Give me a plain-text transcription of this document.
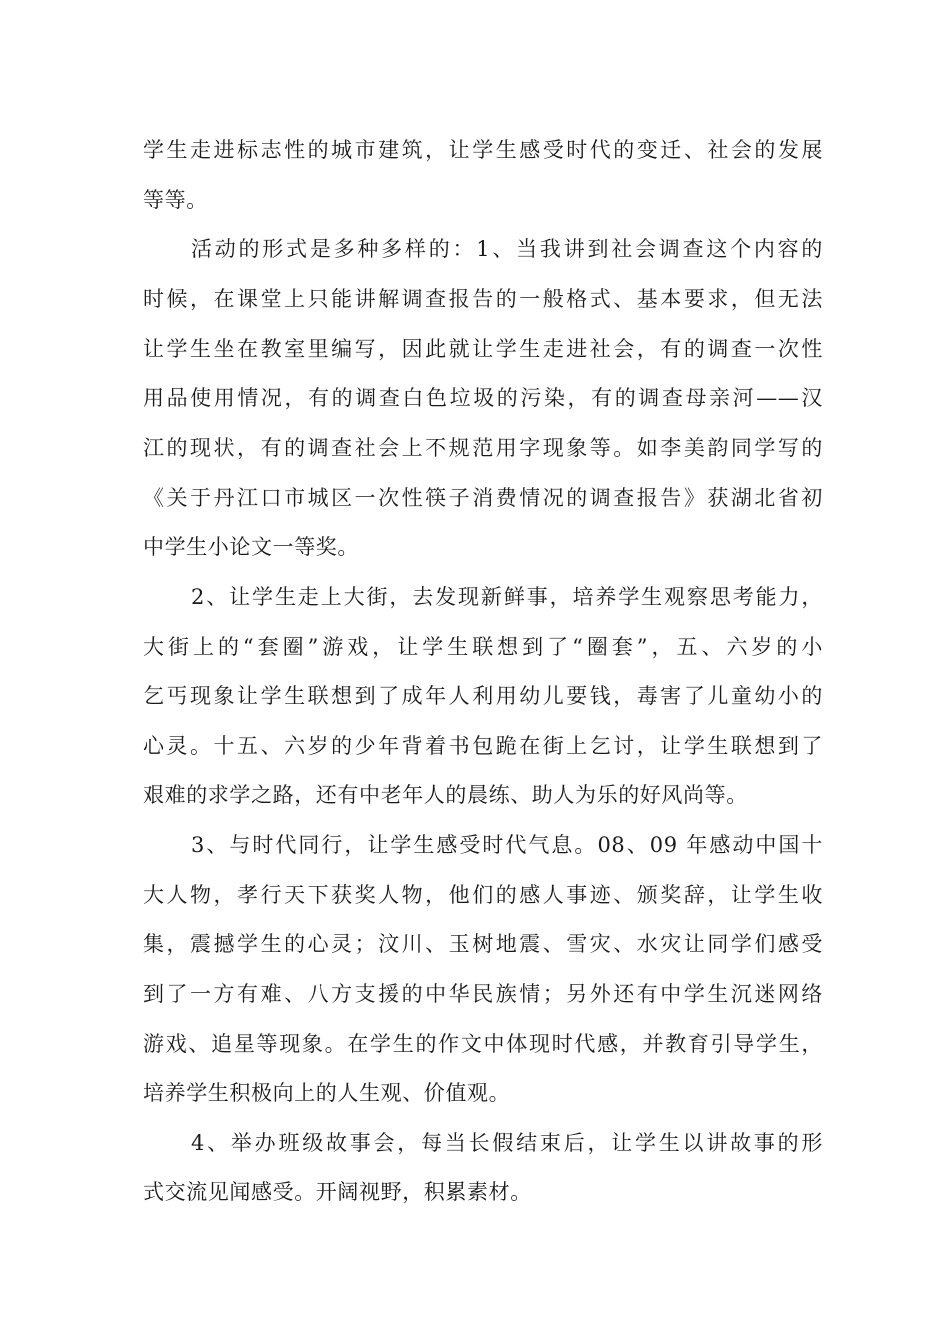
学生走进标志性的城市建筑，让学生感受时代的变迁、社会的发展
等等。
活动的形式是多种多样的：1、当我讲到社会调查这个内容的
时候，在课堂上只能讲解调查报告的一般格式、基本要求，但无法
让学生坐在教室里编写，因此就让学生走进社会，有的调查一次性
用品使用情况，有的调查白色垃圾的污染，有的调查母亲河——汉
江的现状，有的调查社会上不规范用字现象等。如李美韵同学写的
《关于丹江口市城区一次性筷子消费情况的调查报告》获湖北省初
中学生小论文一等奖。
2、让学生走上大街，去发现新鲜事，培养学生观察思考能力，
大街上的“套圈”游戏，让学生联想到了“圈套”，五、六岁的小
乞丐现象让学生联想到了成年人利用幼儿要钱，毒害了儿童幼小的
心灵。十五、六岁的少年背着书包跪在街上乞讨，让学生联想到了
艰难的求学之路，还有中老年人的晨练、助人为乐的好风尚等。
3、与时代同行，让学生感受时代气息。08、09 年感动中国十
大人物，孝行天下获奖人物，他们的感人事迹、颁奖辞，让学生收
集，震撼学生的心灵；汶川、玉树地震、雪灾、水灾让同学们感受
到了一方有难、八方支援的中华民族情；另外还有中学生沉迷网络
游戏、追星等现象。在学生的作文中体现时代感，并教育引导学生，
培养学生积极向上的人生观、价值观。
4、举办班级故事会，每当长假结束后，让学生以讲故事的形
式交流见闻感受。开阔视野，积累素材。
